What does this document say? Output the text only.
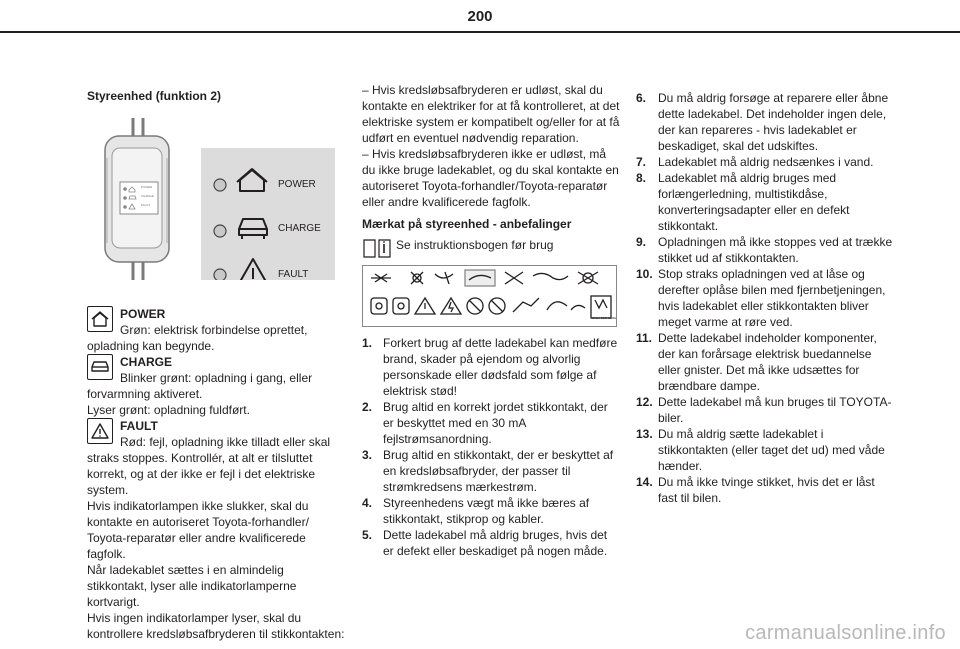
200
Styreenhed (funktion 2)
POWER
CHARGE
FAULT
POWER
CHARGE
FAULT
POWER

Grøn: elektrisk forbindelse oprettet, opladning kan begynde.

CHARGE

Blinker grønt: opladning i gang, eller forvarmning aktiveret.

Lyser grønt: opladning fuldført.

FAULT

Rød: fejl, opladning ikke tilladt eller skal straks stoppes. Kontrollér, at alt er tilsluttet korrekt, og at der ikke er fejl i det elektriske system.

Hvis indikatorlampen ikke slukker, skal du kontakte en autoriseret Toyota-forhandler/ Toyota-reparatør eller andre kvalificerede fagfolk.

Når ladekablet sættes i en almindelig stikkontakt, lyser alle indikatorlamperne kortvarigt.

Hvis ingen indikatorlamper lyser, skal du kontrollere kredsløbsafbryderen til stikkontakten:

– Hvis kredsløbsafbryderen er udløst, skal du kontakte en elektriker for at få kontrolleret, at det elektriske system er kompatibelt og/eller for at få udført en eventuel nødvendig reparation.

– Hvis kredsløbsafbryderen ikke er udløst, må du ikke bruge ladekablet, og du skal kontakte en autoriseret Toyota-forhandler/Toyota-reparatør eller andre kvalificerede fagfolk.

Mærkat på styreenhed - anbefalinger
Se instruktionsbogen før brug
ONLY FOR CARE
1. Forkert brug af dette ladekabel kan medføre brand, skader på ejendom og alvorlig personskade eller dødsfald som følge af elektrisk stød!
2. Brug altid en korrekt jordet stikkontakt, der er beskyttet med en 30 mA fejlstrømsanordning.
3. Brug altid en stikkontakt, der er beskyttet af en kredsløbsafbryder, der passer til strømkredsens mærkestrøm.
4. Styreenhedens vægt må ikke bæres af stikkontakt, stikprop og kabler.
5. Dette ladekabel må aldrig bruges, hvis det er defekt eller beskadiget på nogen måde.
6. Du må aldrig forsøge at reparere eller åbne dette ladekabel. Det indeholder ingen dele, der kan repareres - hvis ladekablet er beskadiget, skal det udskiftes.
7. Ladekablet må aldrig nedsænkes i vand.
8. Ladekablet må aldrig bruges med forlængerledning, multistikdåse, konverteringsadapter eller en defekt stikkontakt.
9. Opladningen må ikke stoppes ved at trække stikket ud af stikkontakten.
10. Stop straks opladningen ved at låse og derefter oplåse bilen med fjernbetjeningen, hvis ladekablet eller stikkontakten bliver meget varme at røre ved.
11. Dette ladekabel indeholder komponenter, der kan forårsage elektrisk buedannelse eller gnister. Det må ikke udsættes for brændbare dampe.
12. Dette ladekabel må kun bruges til TOYOTA-biler.
13. Du må aldrig sætte ladekablet i stikkontakten (eller taget det ud) med våde hænder.
14. Du må ikke tvinge stikket, hvis det er låst fast til bilen.
carmanualsonline.info
